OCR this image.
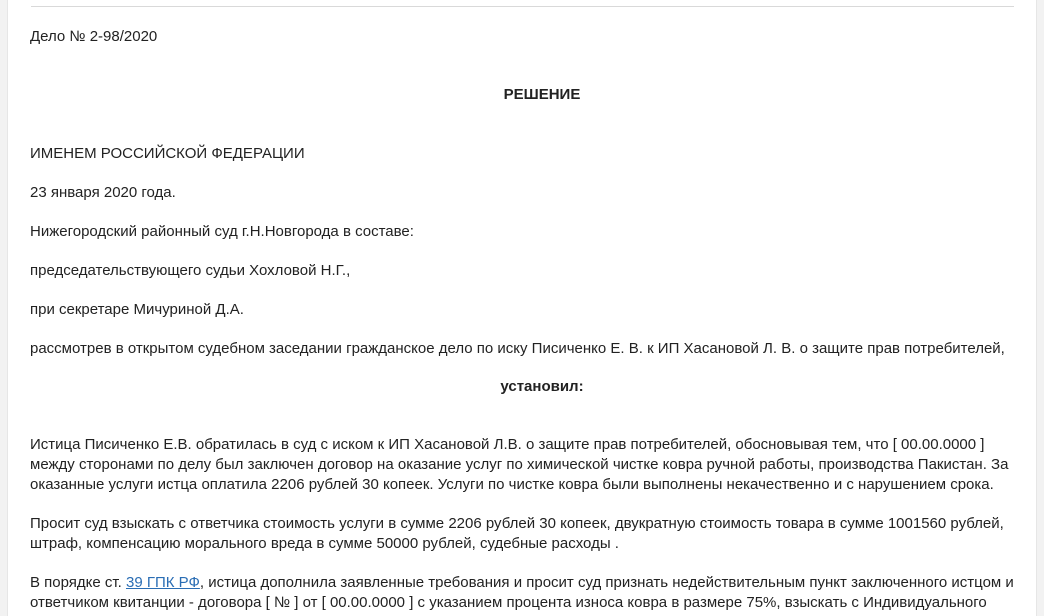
Дело № 2-98/2020

РЕШЕНИЕ

ИМЕНЕМ РОССИЙСКОЙ ФЕДЕРАЦИИ

23 января 2020 года.

Нижегородский районный суд г.Н.Новгорода в составе:

председательствующего судьи Хохловой Н.Г.,

при секретаре Мичуриной Д.А.

рассмотрев в открытом судебном заседании гражданское дело по иску Писиченко Е. В. к ИП Хасановой Л. В. о защите прав потребителей,

установил:

Истица Писиченко Е.В. обратилась в суд с иском к ИП Хасановой Л.В. о защите прав потребителей, обосновывая тем, что [ 00.00.0000 ]

между сторонами по делу был заключен договор на оказание услуг по химической чистке ковра ручной работы, производства Пакистан. За

оказанные услуги истца оплатила 2206 рублей 30 копеек. Услуги по чистке ковра были выполнены некачественно и с нарушением срока.

Просит суд взыскать с ответчика стоимость услуги в сумме 2206 рублей 30 копеек, двукратную стоимость товара в сумме 1001560 рублей,

штраф, компенсацию морального вреда в сумме 50000 рублей, судебные расходы .

В порядке ст. 39 ГПК РФ, истица дополнила заявленные требования и просит суд признать недействительным пункт заключенного истцом и

ответчиком квитанции - договора [ № ] от [ 00.00.0000 ] с указанием процента износа ковра в размере 75%, взыскать с Индивидуального
